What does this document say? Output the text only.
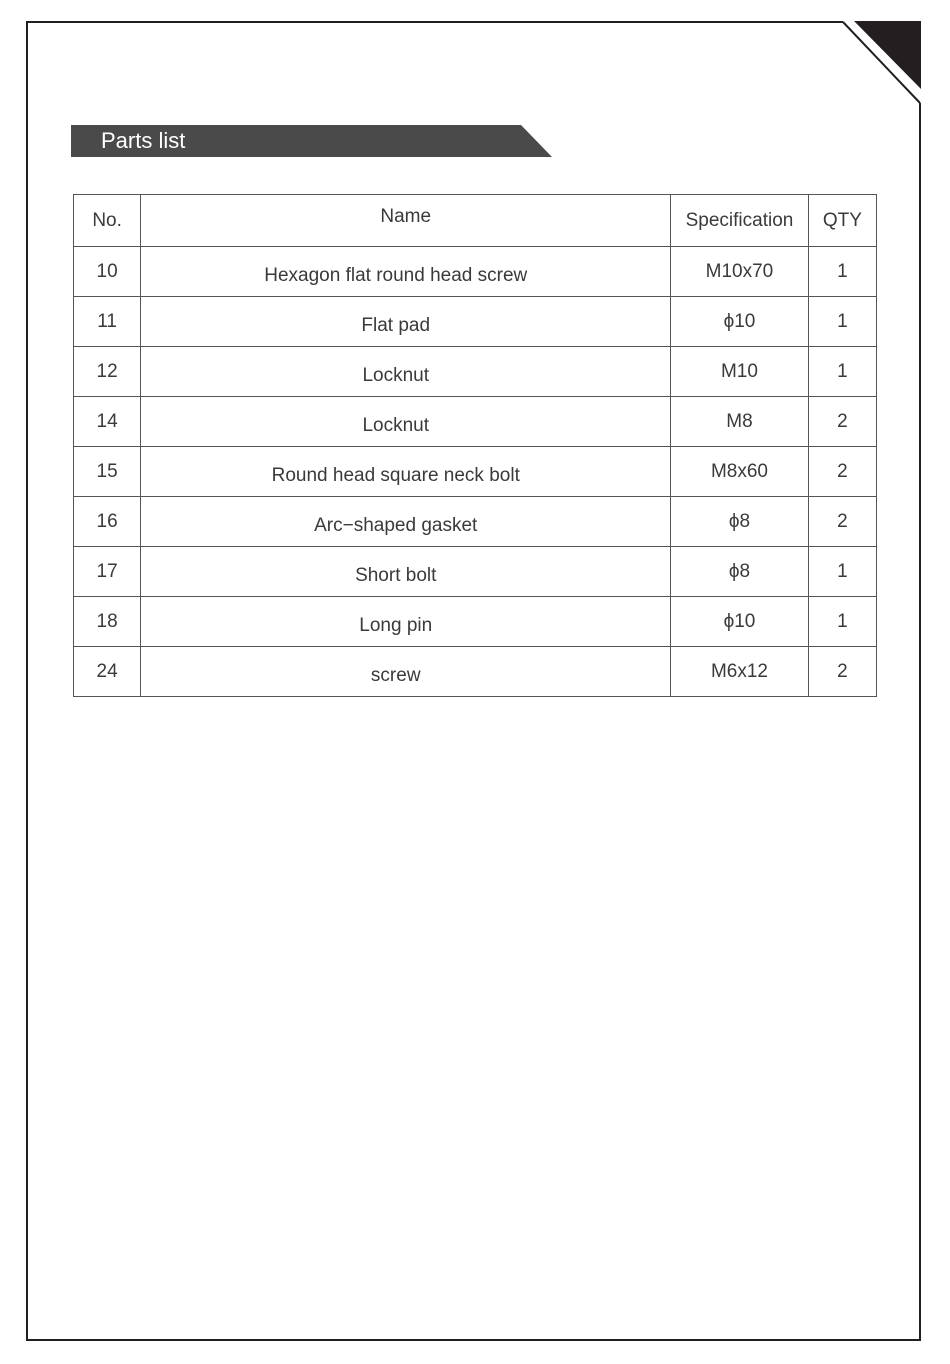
Parts list
No.	Name	Specification	QTY
10	Hexagon flat round head screw	M10x70	1
11	Flat pad	ϕ10	1
12	Locknut	M10	1
14	Locknut	M8	2
15	Round head square neck bolt	M8x60	2
16	Arc−shaped gasket	ϕ8	2
17	Short bolt	ϕ8	1
18	Long pin	ϕ10	1
24	screw	M6x12	2
